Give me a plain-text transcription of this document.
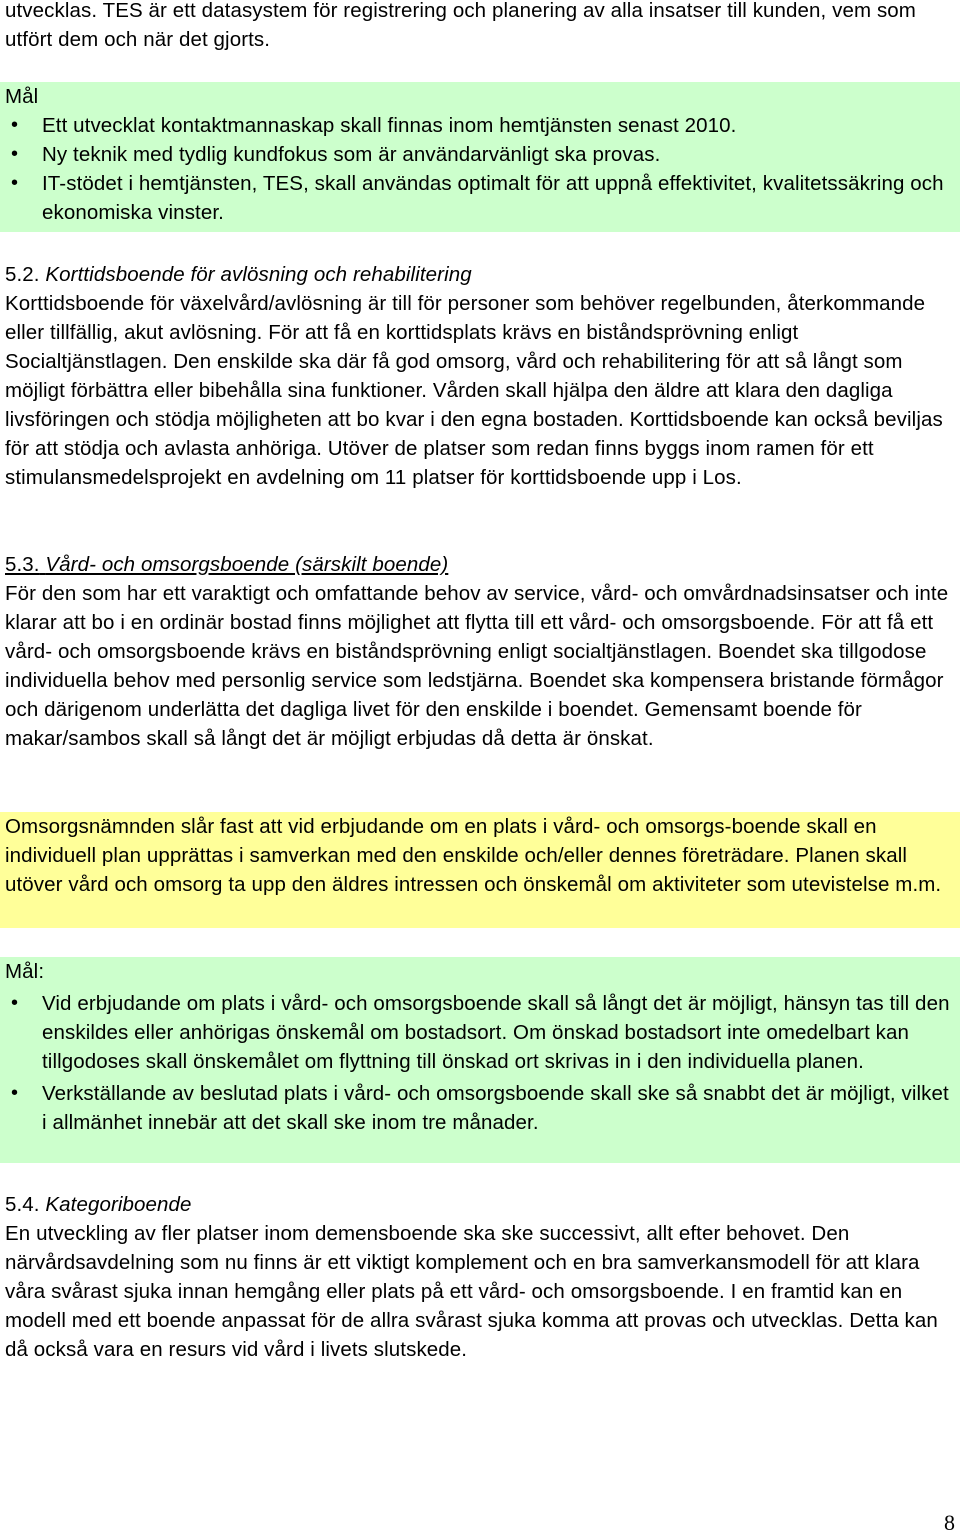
utvecklas. TES är ett datasystem för registrering och planering av alla insatser till kunden, vem som utfört dem och när det gjorts.
Mål
• Ett utvecklat kontaktmannaskap skall finnas inom hemtjänsten senast 2010.
• Ny teknik med tydlig kundfokus som är användarvänligt ska provas.
• IT-stödet i hemtjänsten, TES, skall användas optimalt för att uppnå effektivitet, kvalitetssäkring och ekonomiska vinster.
5.2. Korttidsboende för avlösning och rehabilitering
Korttidsboende för växelvård/avlösning är till för personer som behöver regelbunden, återkommande eller tillfällig, akut avlösning. För att få en korttidsplats krävs en biståndsprövning enligt Socialtjänstlagen. Den enskilde ska där få god omsorg, vård och rehabilitering för att så långt som möjligt förbättra eller bibehålla sina funktioner. Vården skall hjälpa den äldre att klara den dagliga livsföringen och stödja möjligheten att bo kvar i den egna bostaden. Korttidsboende kan också beviljas för att stödja och avlasta anhöriga. Utöver de platser som redan finns byggs inom ramen för ett stimulansmedelsprojekt en avdelning om 11 platser för korttidsboende upp i Los.
5.3. Vård- och omsorgsboende (särskilt boende)
För den som har ett varaktigt och omfattande behov av service, vård- och omvårdnadsinsatser och inte klarar att bo i en ordinär bostad finns möjlighet att flytta till ett vård- och omsorgsboende. För att få ett vård- och omsorgsboende krävs en biståndsprövning enligt socialtjänstlagen. Boendet ska tillgodose individuella behov med personlig service som ledstjärna. Boendet ska kompensera bristande förmågor och därigenom underlätta det dagliga livet för den enskilde i boendet. Gemensamt boende för makar/sambos skall så långt det är möjligt erbjudas då detta är önskat.
Omsorgsnämnden slår fast att vid erbjudande om en plats i vård- och omsorgs-boende skall en individuell plan upprättas i samverkan med den enskilde och/eller dennes företrädare. Planen skall utöver vård och omsorg ta upp den äldres intressen och önskemål om aktiviteter som utevistelse m.m.
Mål:
• Vid erbjudande om plats i vård- och omsorgsboende skall så långt det är möjligt, hänsyn tas till den enskildes eller anhörigas önskemål om bostadsort. Om önskad bostadsort inte omedelbart kan tillgodoses skall önskemålet om flyttning till önskad ort skrivas in i den individuella planen.
• Verkställande av beslutad plats i vård- och omsorgsboende skall ske så snabbt det är möjligt, vilket i allmänhet innebär att det skall ske inom tre månader.
5.4. Kategoriboende
En utveckling av fler platser inom demensboende ska ske successivt, allt efter behovet. Den närvårdsavdelning som nu finns är ett viktigt komplement och en bra samverkansmodell för att klara våra svårast sjuka innan hemgång eller plats på ett vård- och omsorgsboende. I en framtid kan en modell med ett boende anpassat för de allra svårast sjuka komma att provas och utvecklas. Detta kan då också vara en resurs vid vård i livets slutskede.
8
